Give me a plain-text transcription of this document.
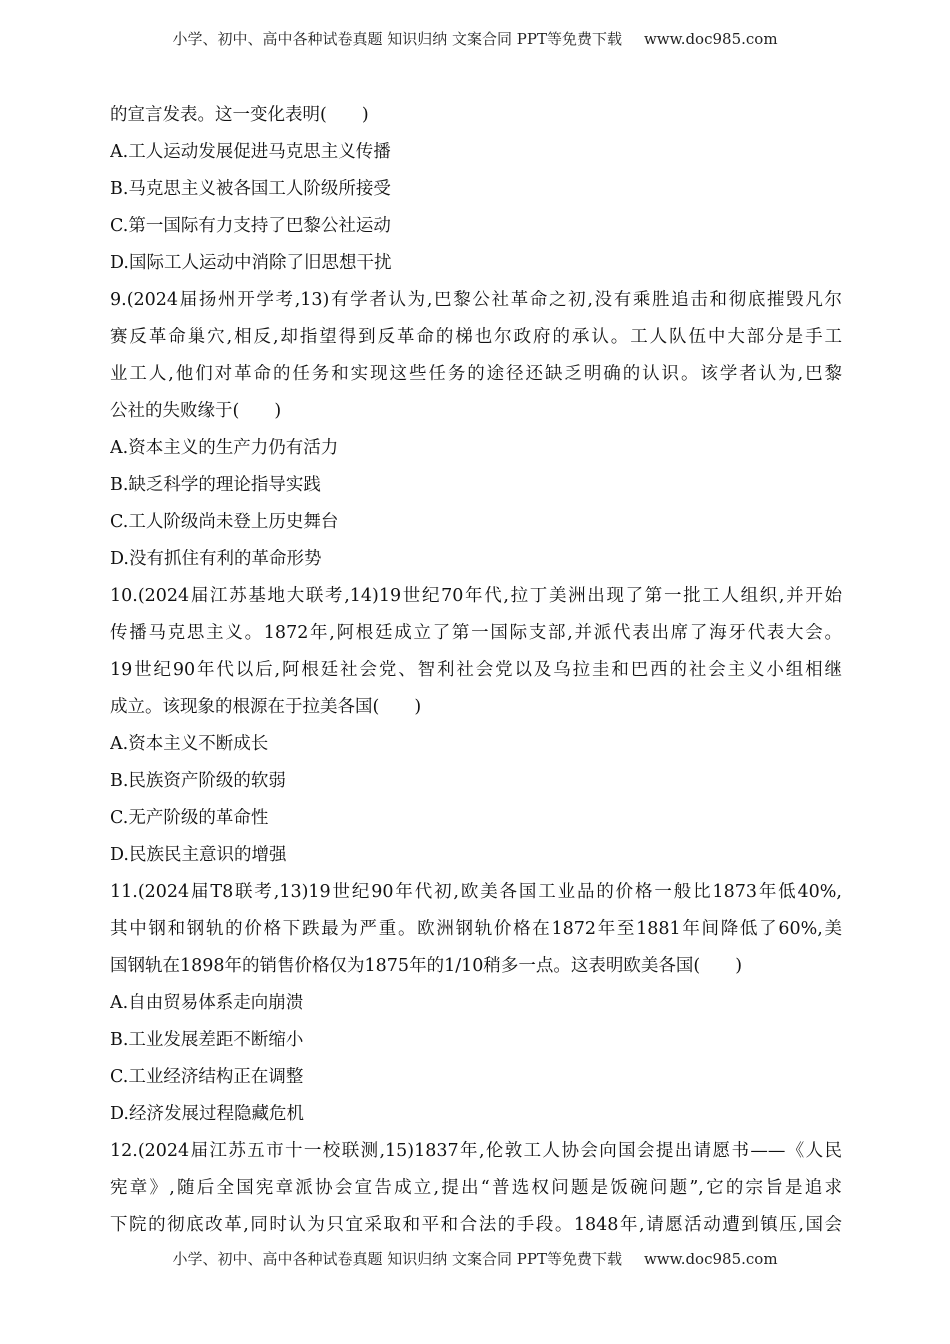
小学、初中、高中各种试卷真题 知识归纳 文案合同 PPT等免费下载 www.doc985.com
的宣言发表。这一变化表明(　　)
A.工人运动发展促进马克思主义传播
B.马克思主义被各国工人阶级所接受
C.第一国际有力支持了巴黎公社运动
D.国际工人运动中消除了旧思想干扰
9.(2024届扬州开学考,13)有学者认为,巴黎公社革命之初,没有乘胜追击和彻底摧毁凡尔
赛反革命巢穴,相反,却指望得到反革命的梯也尔政府的承认。工人队伍中大部分是手工
业工人,他们对革命的任务和实现这些任务的途径还缺乏明确的认识。该学者认为,巴黎
公社的失败缘于(　　)
A.资本主义的生产力仍有活力
B.缺乏科学的理论指导实践
C.工人阶级尚未登上历史舞台
D.没有抓住有利的革命形势
10.(2024届江苏基地大联考,14)19世纪70年代,拉丁美洲出现了第一批工人组织,并开始
传播马克思主义。1872年,阿根廷成立了第一国际支部,并派代表出席了海牙代表大会。
19世纪90年代以后,阿根廷社会党、智利社会党以及乌拉圭和巴西的社会主义小组相继
成立。该现象的根源在于拉美各国(　　)
A.资本主义不断成长
B.民族资产阶级的软弱
C.无产阶级的革命性
D.民族民主意识的增强
11.(2024届T8联考,13)19世纪90年代初,欧美各国工业品的价格一般比1873年低40%,
其中钢和钢轨的价格下跌最为严重。欧洲钢轨价格在1872年至1881年间降低了60%,美
国钢轨在1898年的销售价格仅为1875年的1/10稍多一点。这表明欧美各国(　　)
A.自由贸易体系走向崩溃
B.工业发展差距不断缩小
C.工业经济结构正在调整
D.经济发展过程隐藏危机
12.(2024届江苏五市十一校联测,15)1837年,伦敦工人协会向国会提出请愿书——《人民
宪章》,随后全国宪章派协会宣告成立,提出“普选权问题是饭碗问题”,它的宗旨是追求
下院的彻底改革,同时认为只宜采取和平和合法的手段。1848年,请愿活动遭到镇压,国会
小学、初中、高中各种试卷真题 知识归纳 文案合同 PPT等免费下载 www.doc985.com
